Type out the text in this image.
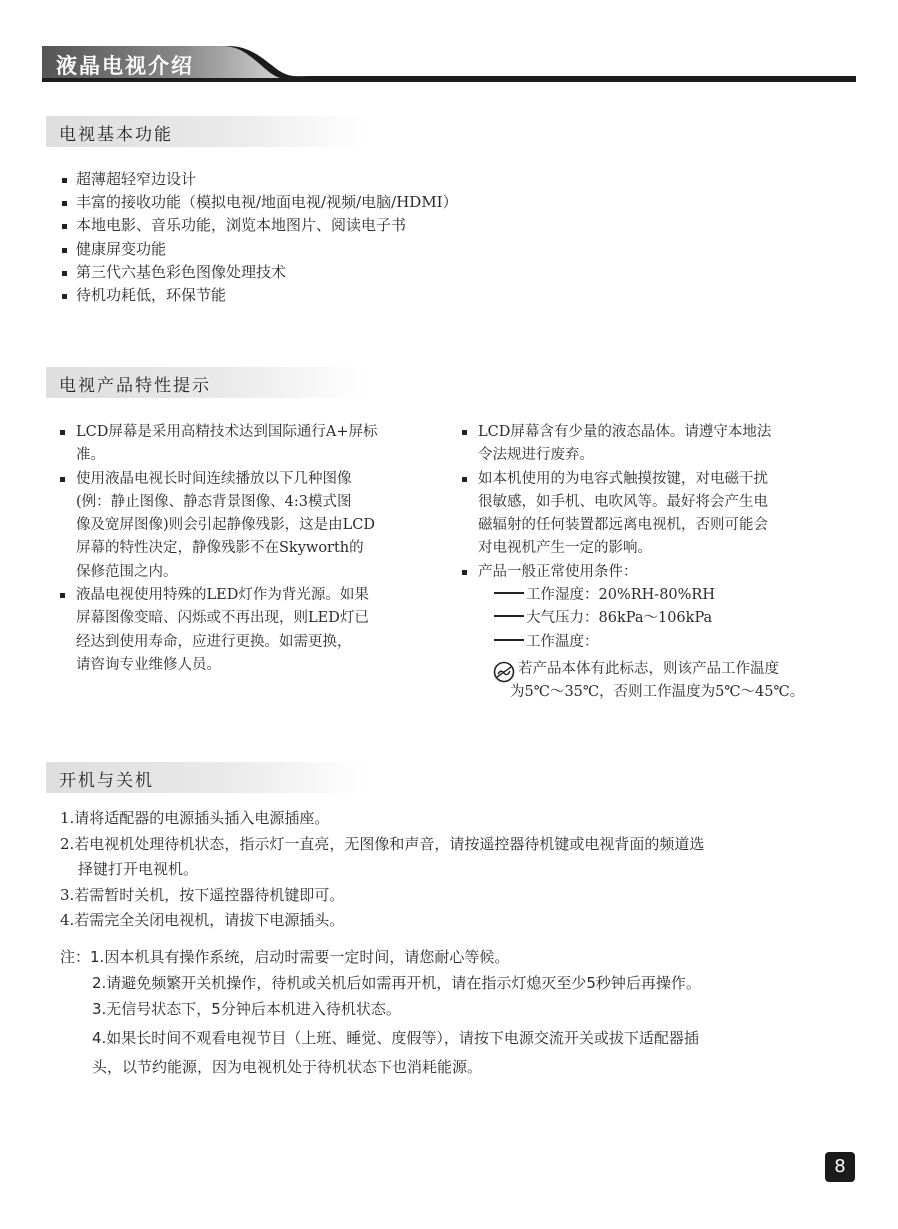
液晶电视介绍
电视基本功能
超薄超轻窄边设计
丰富的接收功能（模拟电视/地面电视/视频/电脑/HDMI）
本地电影、音乐功能，浏览本地图片、阅读电子书
健康屏变功能
第三代六基色彩色图像处理技术
待机功耗低，环保节能
电视产品特性提示
LCD屏幕是采用高精技术达到国际通行A+屏标
准。
使用液晶电视长时间连续播放以下几种图像
(例：静止图像、静态背景图像、4:3模式图
像及宽屏图像)则会引起静像残影，这是由LCD
屏幕的特性决定，静像残影不在Skyworth的
保修范围之内。
液晶电视使用特殊的LED灯作为背光源。如果
屏幕图像变暗、闪烁或不再出现，则LED灯已
经达到使用寿命，应进行更换。如需更换，
请咨询专业维修人员。
LCD屏幕含有少量的液态晶体。请遵守本地法
令法规进行废弃。
如本机使用的为电容式触摸按键，对电磁干扰
很敏感，如手机、电吹风等。最好将会产生电
磁辐射的任何装置都远离电视机，否则可能会
对电视机产生一定的影响。
产品一般正常使用条件：
工作湿度：20%RH-80%RH
大气压力：86kPa～106kPa
工作温度：
若产品本体有此标志，则该产品工作温度
为5℃～35℃，否则工作温度为5℃～45℃。
开机与关机
1.请将适配器的电源插头插入电源插座。
2.若电视机处理待机状态，指示灯一直亮，无图像和声音，请按遥控器待机键或电视背面的频道选
择键打开电视机。
3.若需暂时关机，按下遥控器待机键即可。
4.若需完全关闭电视机，请拔下电源插头。
注：1.因本机具有操作系统，启动时需要一定时间，请您耐心等候。
2.请避免频繁开关机操作，待机或关机后如需再开机，请在指示灯熄灭至少5秒钟后再操作。
3.无信号状态下，5分钟后本机进入待机状态。
4.如果长时间不观看电视节目（上班、睡觉、度假等），请按下电源交流开关或拔下适配器插
头，以节约能源，因为电视机处于待机状态下也消耗能源。
8
